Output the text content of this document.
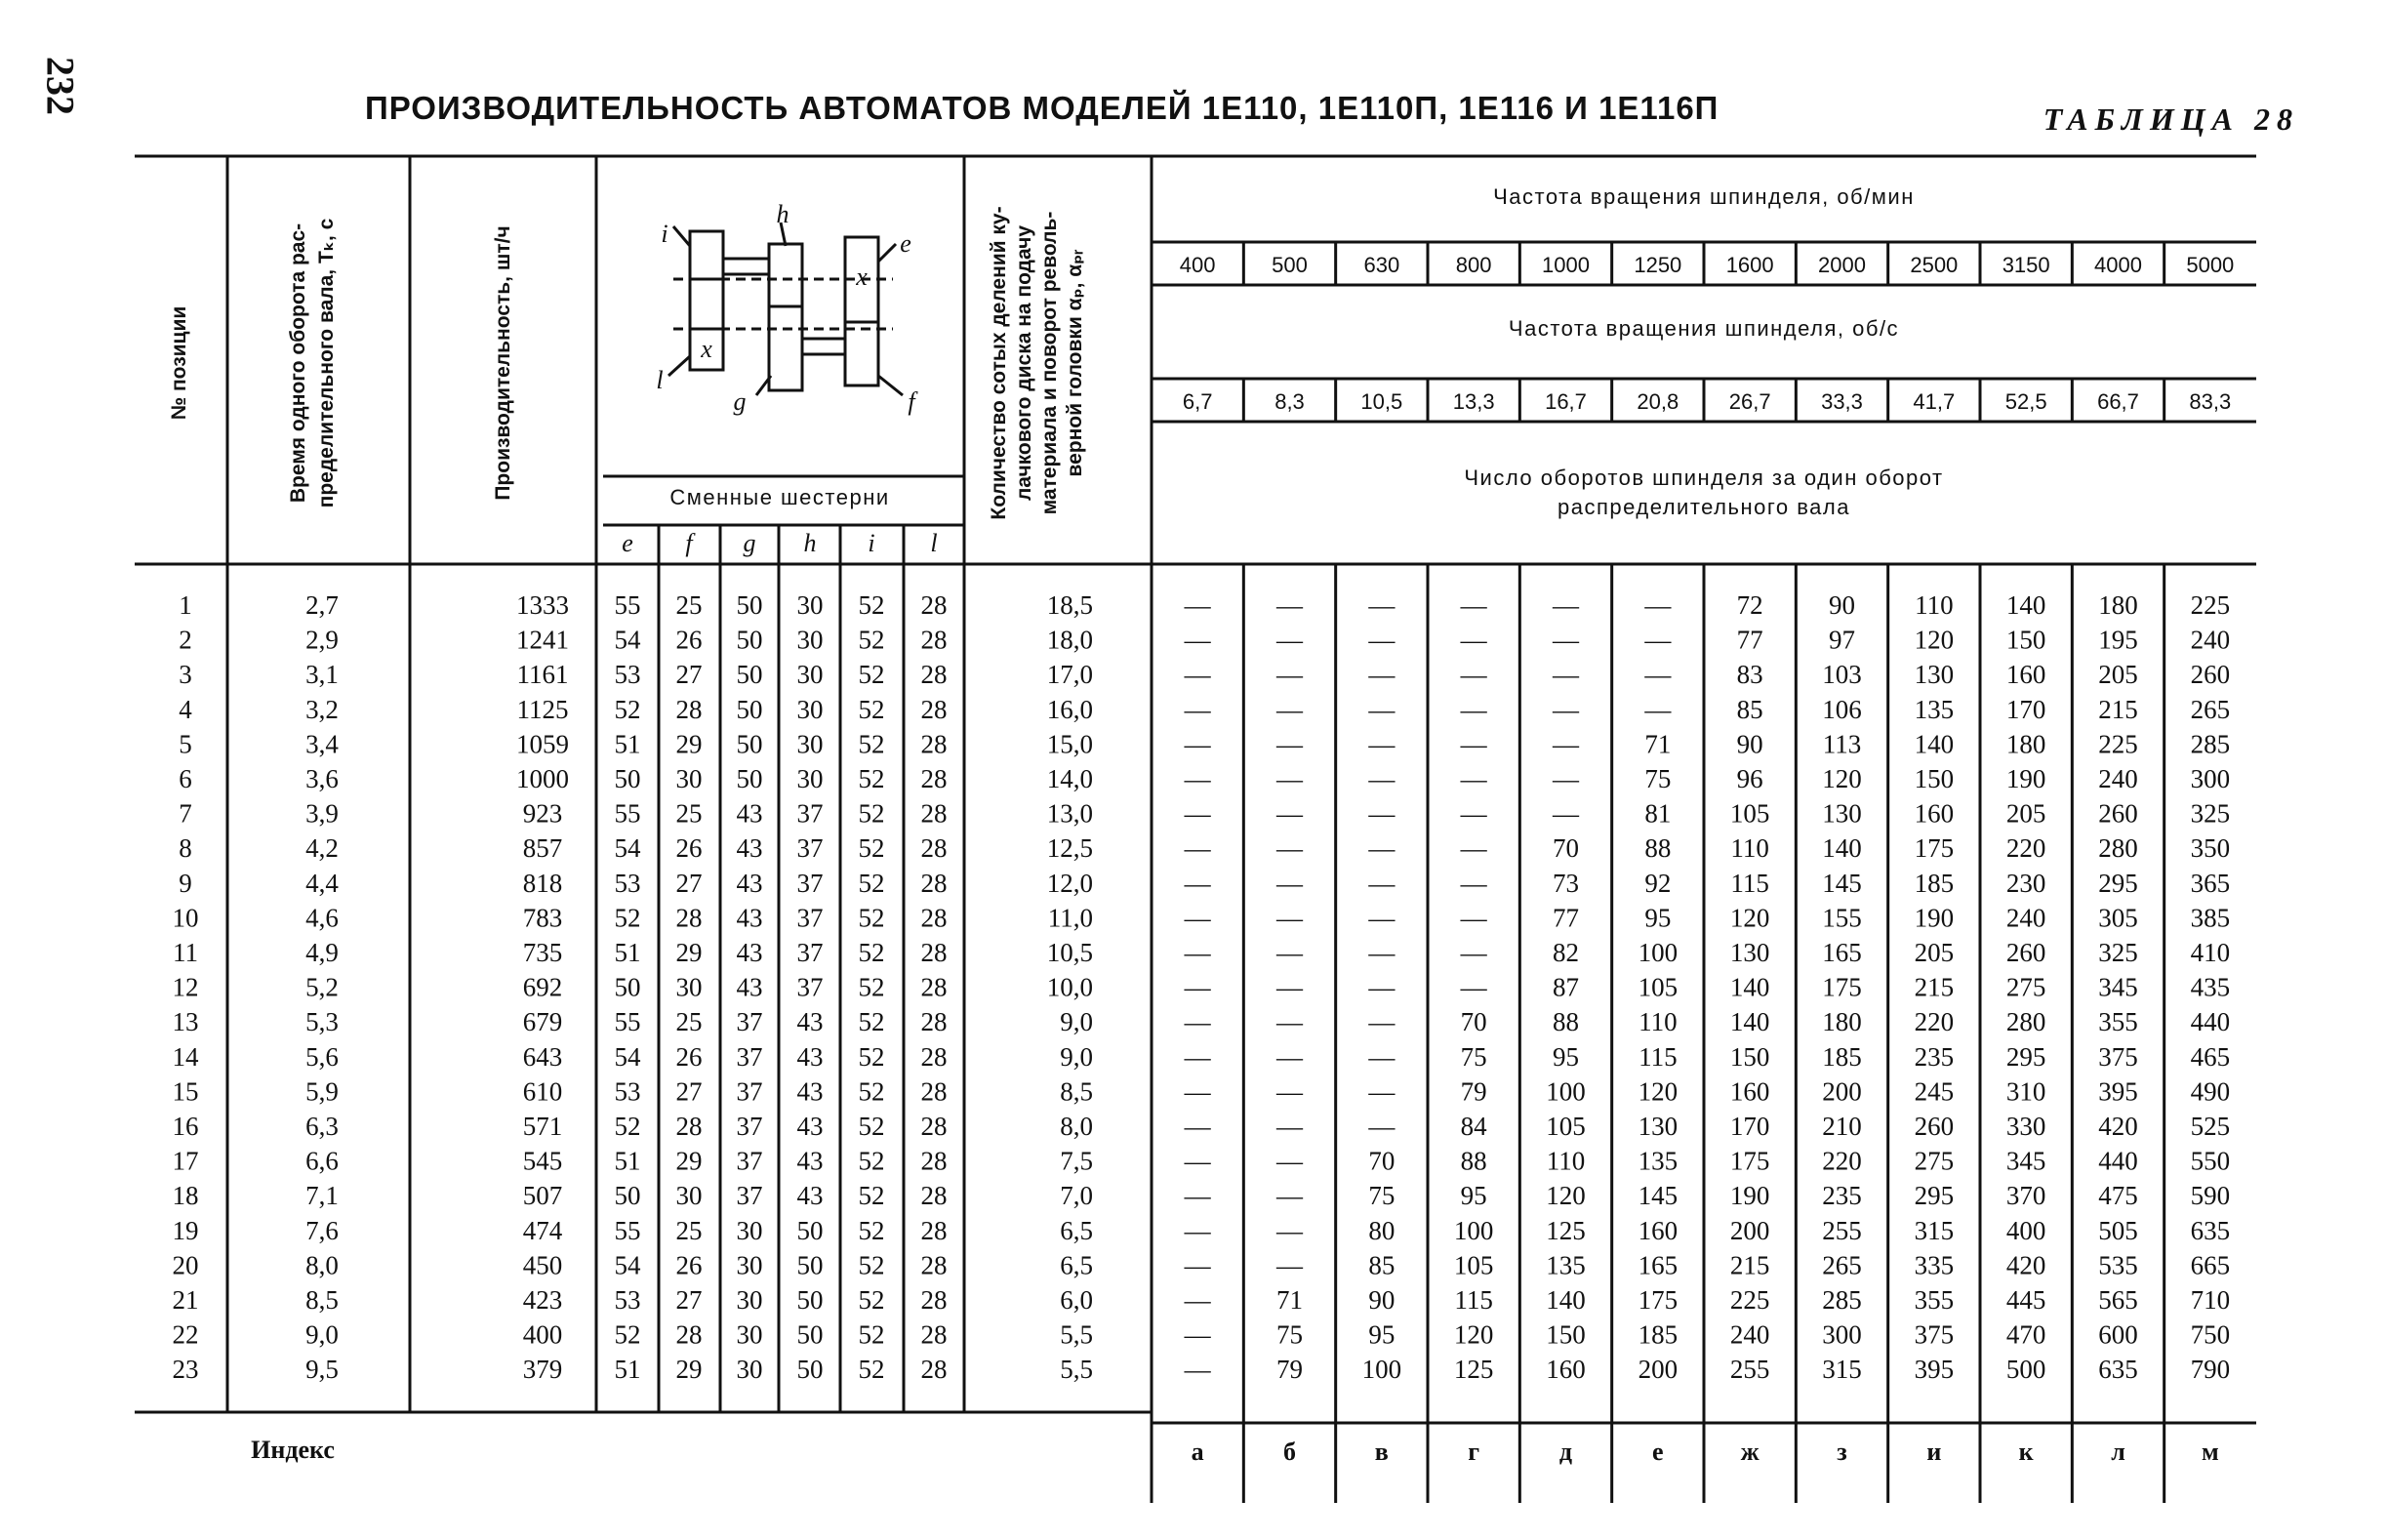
232	ПРОИЗВОДИТЕЛЬНОСТЬ АВТОМАТОВ МОДЕЛЕЙ 1Е110, 1Е110П, 1Е116 И 1Е116П	ТАБЛИЦА 28
i
h
e
l
g	f
x
x
№ позиции	Время одного оборота рас- пределительного вала, Tₖ, с	Производительность, шт/ч	Количество сотых делений ку- лачкового диска на подачу материала и поворот револь- верной головки αₚ, αₚᵣ
Сменные шестерни
e f g h i l
Частота вращения шпинделя, об/мин
Частота вращения шпинделя, об/с
Число оборотов шпинделя за один оборот
распределительного вала
400	500	630	800 1000 1250 1600 2000 2500 3150 4000 5000
6,7	8,3	10,5 13,3 16,7 20,8 26,7 33,3 41,7 52,5 66,7 83,3
1	2,7	1333 55 25 50 30 52 28	18,5	— — — — — — 72 90 110 140 180 225
2	2,9	1241 54 26 50 30 52 28	18,0	— — — — — — 77 97 120 150 195 240
3	3,1	1161 53 27 50 30 52 28	17,0	— — — — — — 83 103 130 160 205 260
4	3,2	1125 52 28 50 30 52 28	16,0	— — — — — — 85 106 135 170 215 265
5	3,4	1059 51 29 50 30 52 28	15,0	— — — — — 71 90 113 140 180 225 285
6	3,6	1000 50 30 50 30 52 28	14,0	— — — — — 75 96 120 150 190 240 300
7	3,9	923 55 25 43 37 52 28	13,0	— — — — — 81 105 130 160 205 260 325
8	4,2	857 54 26 43 37 52 28	12,5	— — — — 70 88 110 140 175 220 280 350
9	4,4	818 53 27 43 37 52 28	12,0	— — — — 73 92 115 145 185 230 295 365
10	4,6	783 52 28 43 37 52 28	11,0	— — — — 77 95 120 155 190 240 305 385
11	4,9	735 51 29 43 37 52 28	10,5	— — — — 82 100 130 165 205 260 325 410
12	5,2	692 50 30 43 37 52 28	10,0	— — — — 87 105 140 175 215 275 345 435
13	5,3	679 55 25 37 43 52 28	9,0	— — — 70 88 110 140 180 220 280 355 440
14	5,6	643 54 26 37 43 52 28	9,0	— — — 75 95 115 150 185 235 295 375 465
15	5,9	610 53 27 37 43 52 28	8,5	— — — 79 100 120 160 200 245 310 395 490
16	6,3	571 52 28 37 43 52 28	8,0	— — — 84 105 130 170 210 260 330 420 525
17	6,6	545 51 29 37 43 52 28	7,5	— — 70 88 110 135 175 220 275 345 440 550
18	7,1	507 50 30 37 43 52 28	7,0	— — 75 95 120 145 190 235 295 370 475 590
19	7,6	474 55 25 30 50 52 28	6,5	— — 80 100 125 160 200 255 315 400 505 635
20	8,0	450 54 26 30 50 52 28	6,5	— — 85 105 135 165 215 265 335 420 535 665
21	8,5	423 53 27 30 50 52 28	6,0	— 71 90 115 140 175 225 285 355 445 565 710
22	9,0	400 52 28 30 50 52 28	5,5	— 75 95 120 150 185 240 300 375 470 600 750
23	9,5	379 51 29 30 50 52 28	5,5	— 79 100 125 160 200 255 315 395 500 635 790
Индекс	а	б	в	г	д	е	ж	з	и	к	л	м
